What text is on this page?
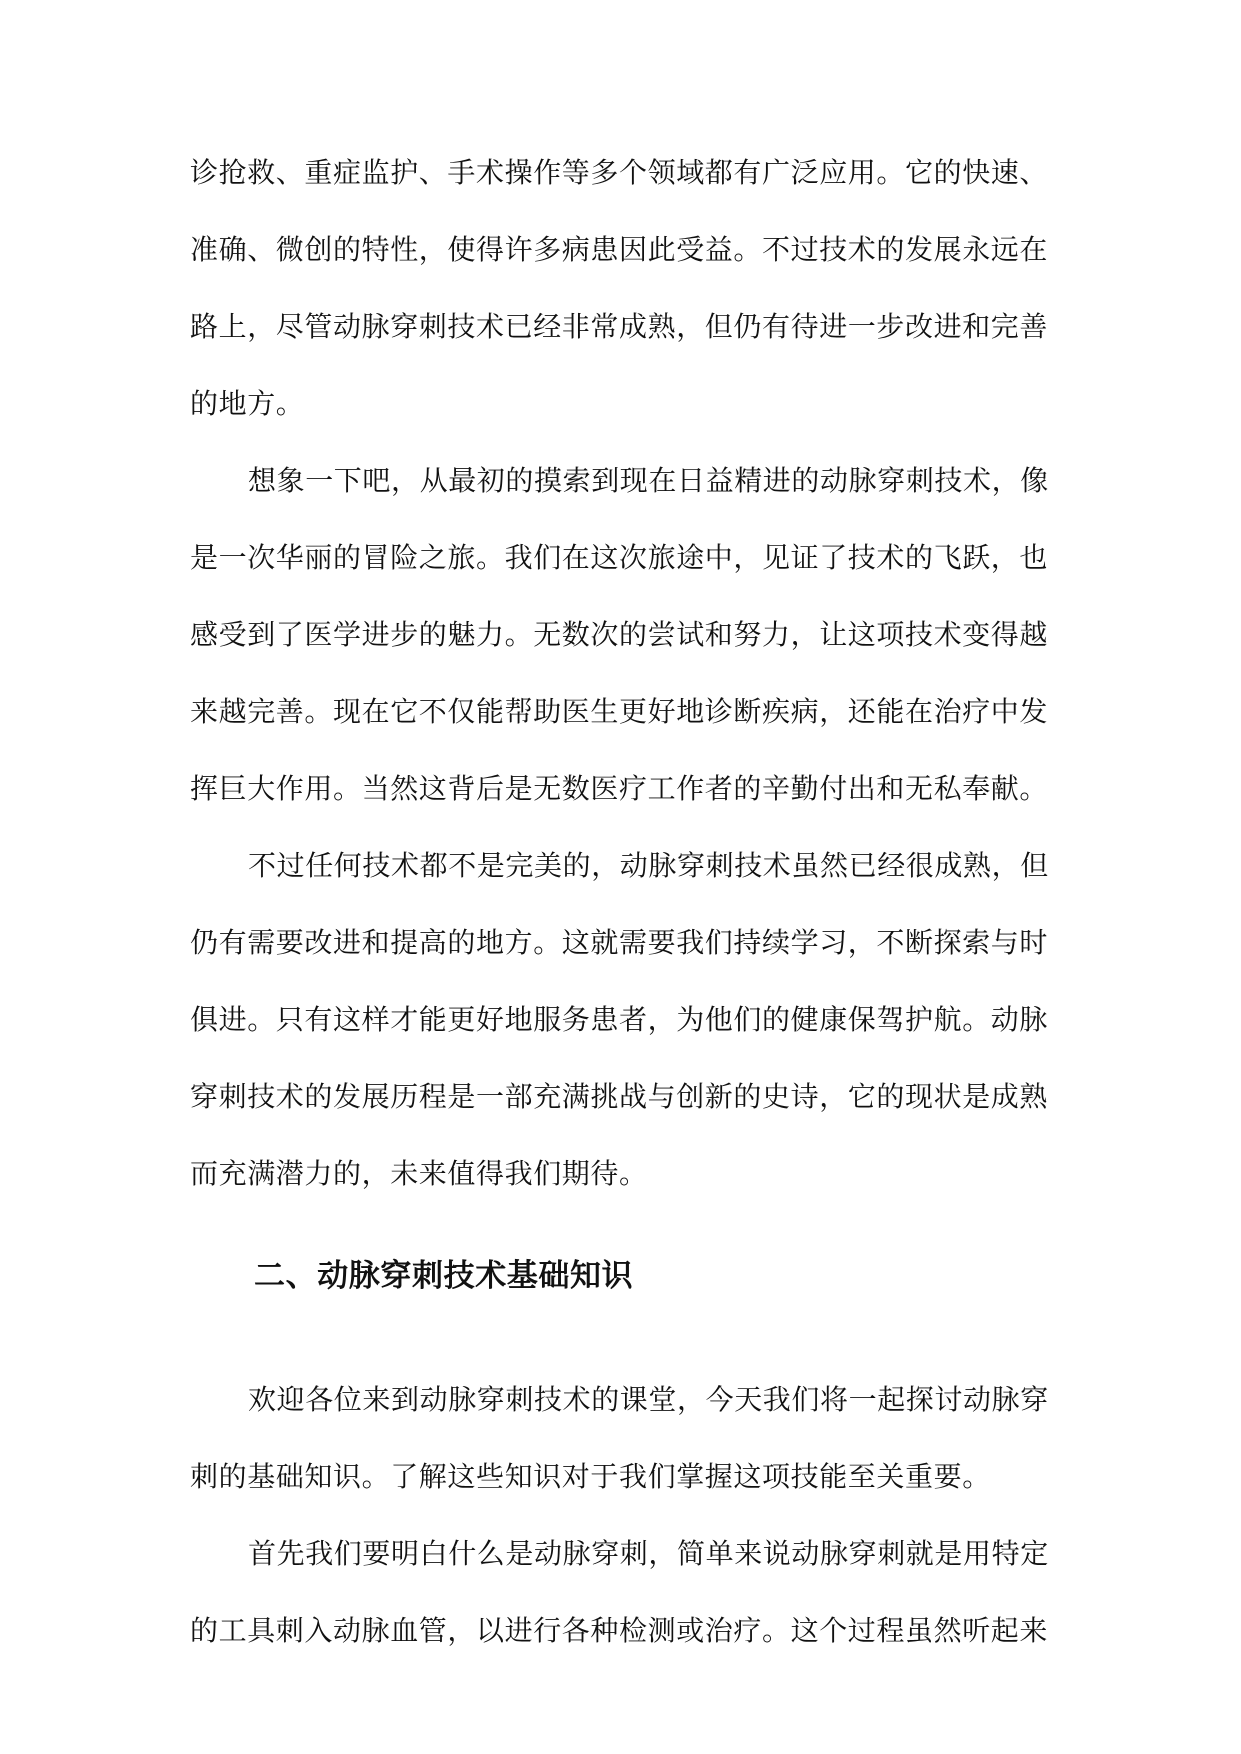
诊抢救、重症监护、手术操作等多个领域都有广泛应用。它的快速、
准确、微创的特性，使得许多病患因此受益。不过技术的发展永远在
路上，尽管动脉穿刺技术已经非常成熟，但仍有待进一步改进和完善
的地方。
想象一下吧，从最初的摸索到现在日益精进的动脉穿刺技术，像
是一次华丽的冒险之旅。我们在这次旅途中，见证了技术的飞跃，也
感受到了医学进步的魅力。无数次的尝试和努力，让这项技术变得越
来越完善。现在它不仅能帮助医生更好地诊断疾病，还能在治疗中发
挥巨大作用。当然这背后是无数医疗工作者的辛勤付出和无私奉献。
不过任何技术都不是完美的，动脉穿刺技术虽然已经很成熟，但
仍有需要改进和提高的地方。这就需要我们持续学习，不断探索与时
俱进。只有这样才能更好地服务患者，为他们的健康保驾护航。动脉
穿刺技术的发展历程是一部充满挑战与创新的史诗，它的现状是成熟
而充满潜力的，未来值得我们期待。
二、动脉穿刺技术基础知识
欢迎各位来到动脉穿刺技术的课堂，今天我们将一起探讨动脉穿
刺的基础知识。了解这些知识对于我们掌握这项技能至关重要。
首先我们要明白什么是动脉穿刺，简单来说动脉穿刺就是用特定
的工具刺入动脉血管，以进行各种检测或治疗。这个过程虽然听起来
